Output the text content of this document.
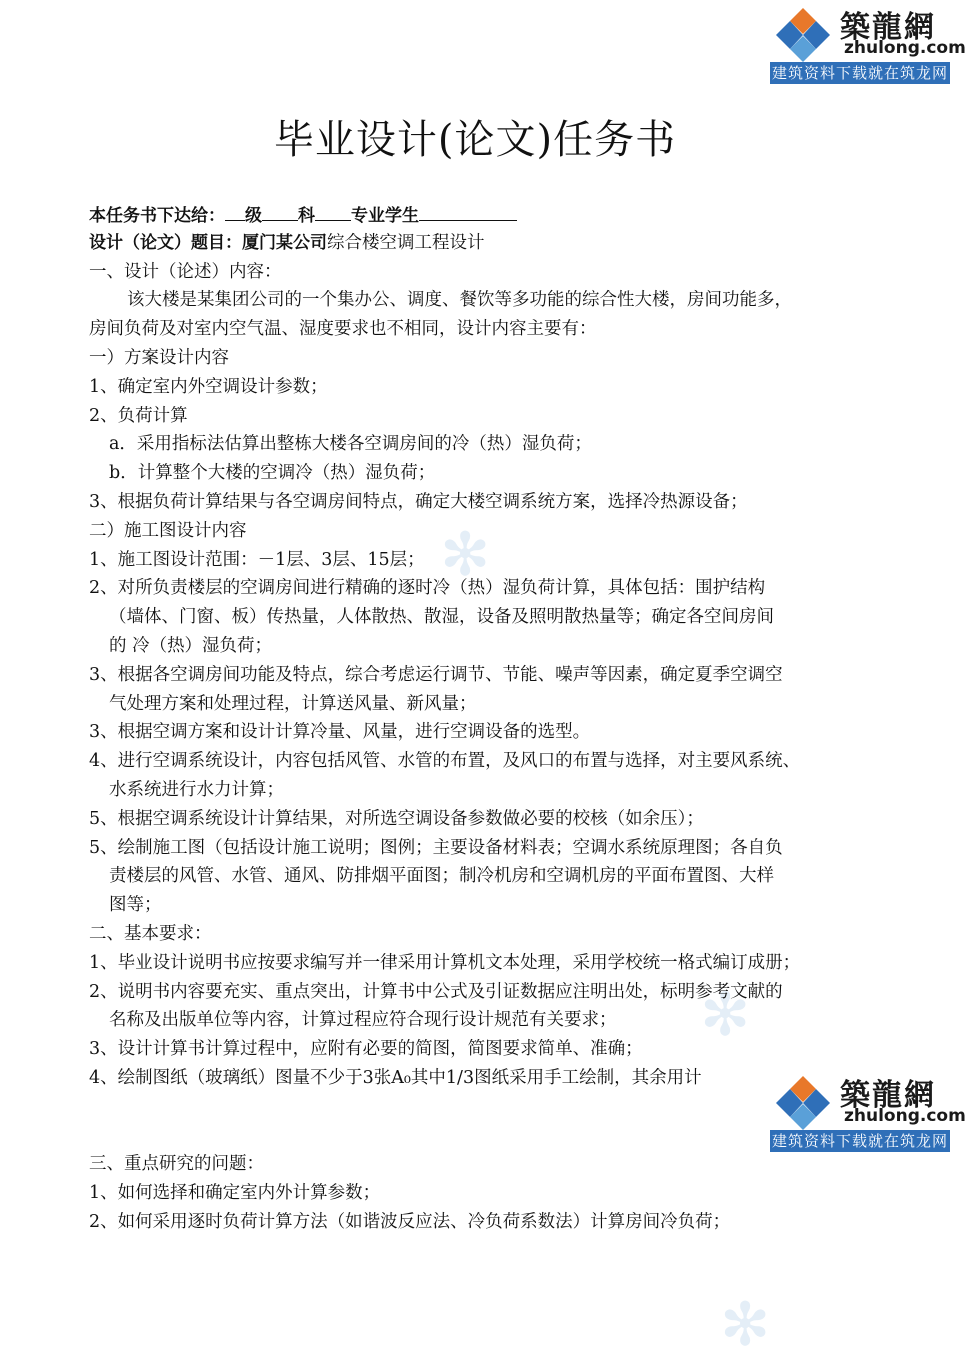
✻
✻
✻
築龍網
zhulong.com
建筑资料下载就在筑龙网
毕业设计(论文)任务书
本任务书下达给： 级 科 专业学生
设计（论文）题目：厦门某公司综合楼空调工程设计
一、设计（论述）内容：
该大楼是某集团公司的一个集办公、调度、餐饮等多功能的综合性大楼，房间功能多，
房间负荷及对室内空气温、湿度要求也不相同，设计内容主要有：
一）方案设计内容
1、确定室内外空调设计参数；
2、负荷计算
a．采用指标法估算出整栋大楼各空调房间的冷（热）湿负荷；
b．计算整个大楼的空调冷（热）湿负荷；
3、根据负荷计算结果与各空调房间特点，确定大楼空调系统方案，选择冷热源设备；
二）施工图设计内容
1、施工图设计范围：－1层、3层、15层；
2、对所负责楼层的空调房间进行精确的逐时冷（热）湿负荷计算，具体包括：围护结构
（墙体、门窗、板）传热量，人体散热、散湿，设备及照明散热量等；确定各空间房间
的 冷（热）湿负荷；
3、根据各空调房间功能及特点，综合考虑运行调节、节能、噪声等因素，确定夏季空调空
气处理方案和处理过程，计算送风量、新风量；
3、根据空调方案和设计计算冷量、风量，进行空调设备的选型。
4、进行空调系统设计，内容包括风管、水管的布置，及风口的布置与选择，对主要风系统、
水系统进行水力计算；
5、根据空调系统设计计算结果，对所选空调设备参数做必要的校核（如余压）；
5、绘制施工图（包括设计施工说明；图例；主要设备材料表；空调水系统原理图；各自负
责楼层的风管、水管、通风、防排烟平面图；制冷机房和空调机房的平面布置图、大样
图等；
二、基本要求：
1、毕业设计说明书应按要求编写并一律采用计算机文本处理，采用学校统一格式编订成册；
2、说明书内容要充实、重点突出，计算书中公式及引证数据应注明出处，标明参考文献的
名称及出版单位等内容，计算过程应符合现行设计规范有关要求；
3、设计计算书计算过程中，应附有必要的简图，简图要求简单、准确；
4、绘制图纸（玻璃纸）图量不少于3张A₀其中1/3图纸采用手工绘制，其余用计
三、重点研究的问题：
1、如何选择和确定室内外计算参数；
2、如何采用逐时负荷计算方法（如谐波反应法、冷负荷系数法）计算房间冷负荷；
築龍網
zhulong.com
建筑资料下载就在筑龙网
